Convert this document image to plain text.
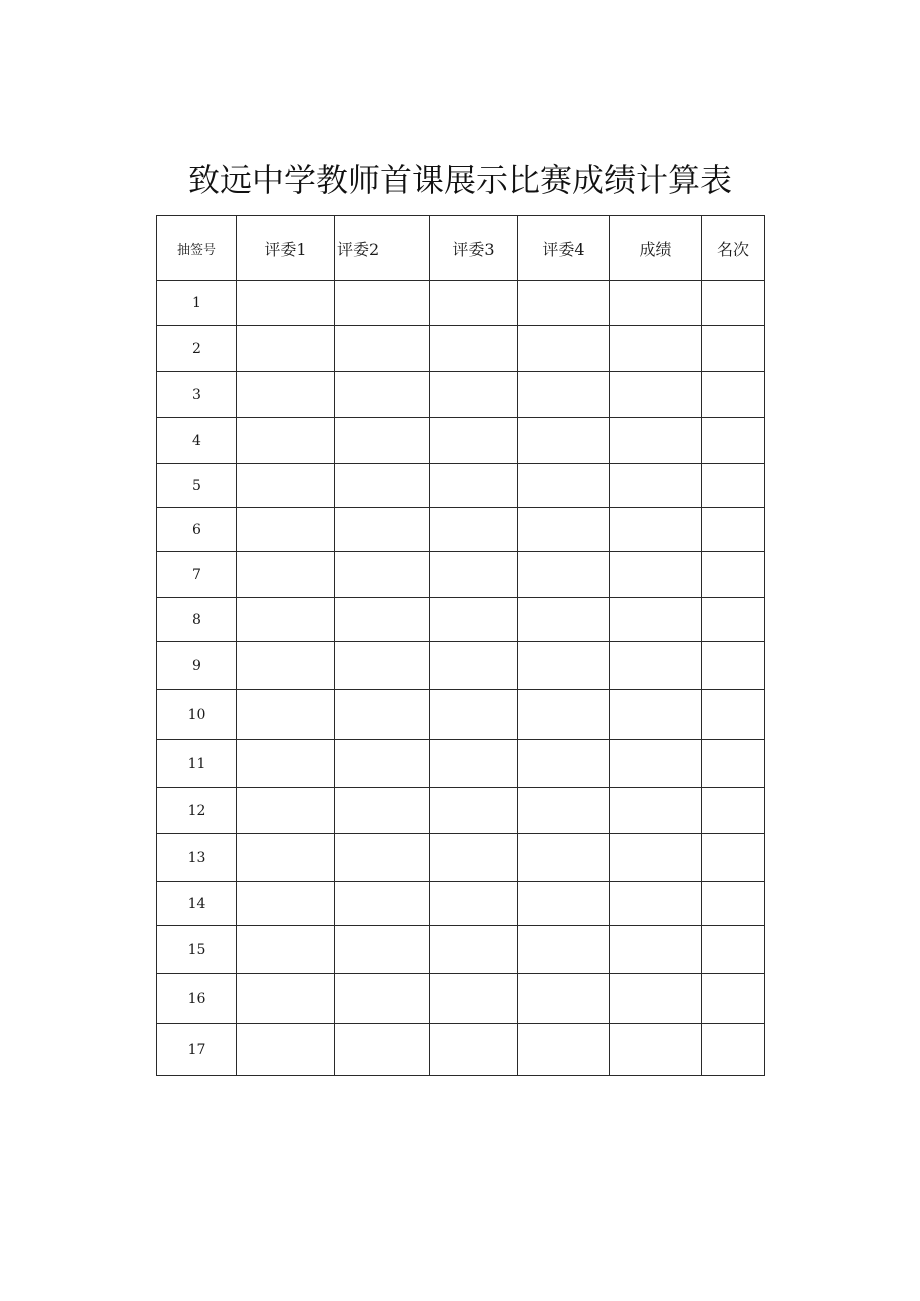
致远中学教师首课展示比赛成绩计算表
抽签号	评委1	评委2	评委3	评委4	成绩	名次
1						
2						
3						
4						
5						
6						
7						
8						
9						
10						
11						
12						
13						
14						
15						
16						
17						
